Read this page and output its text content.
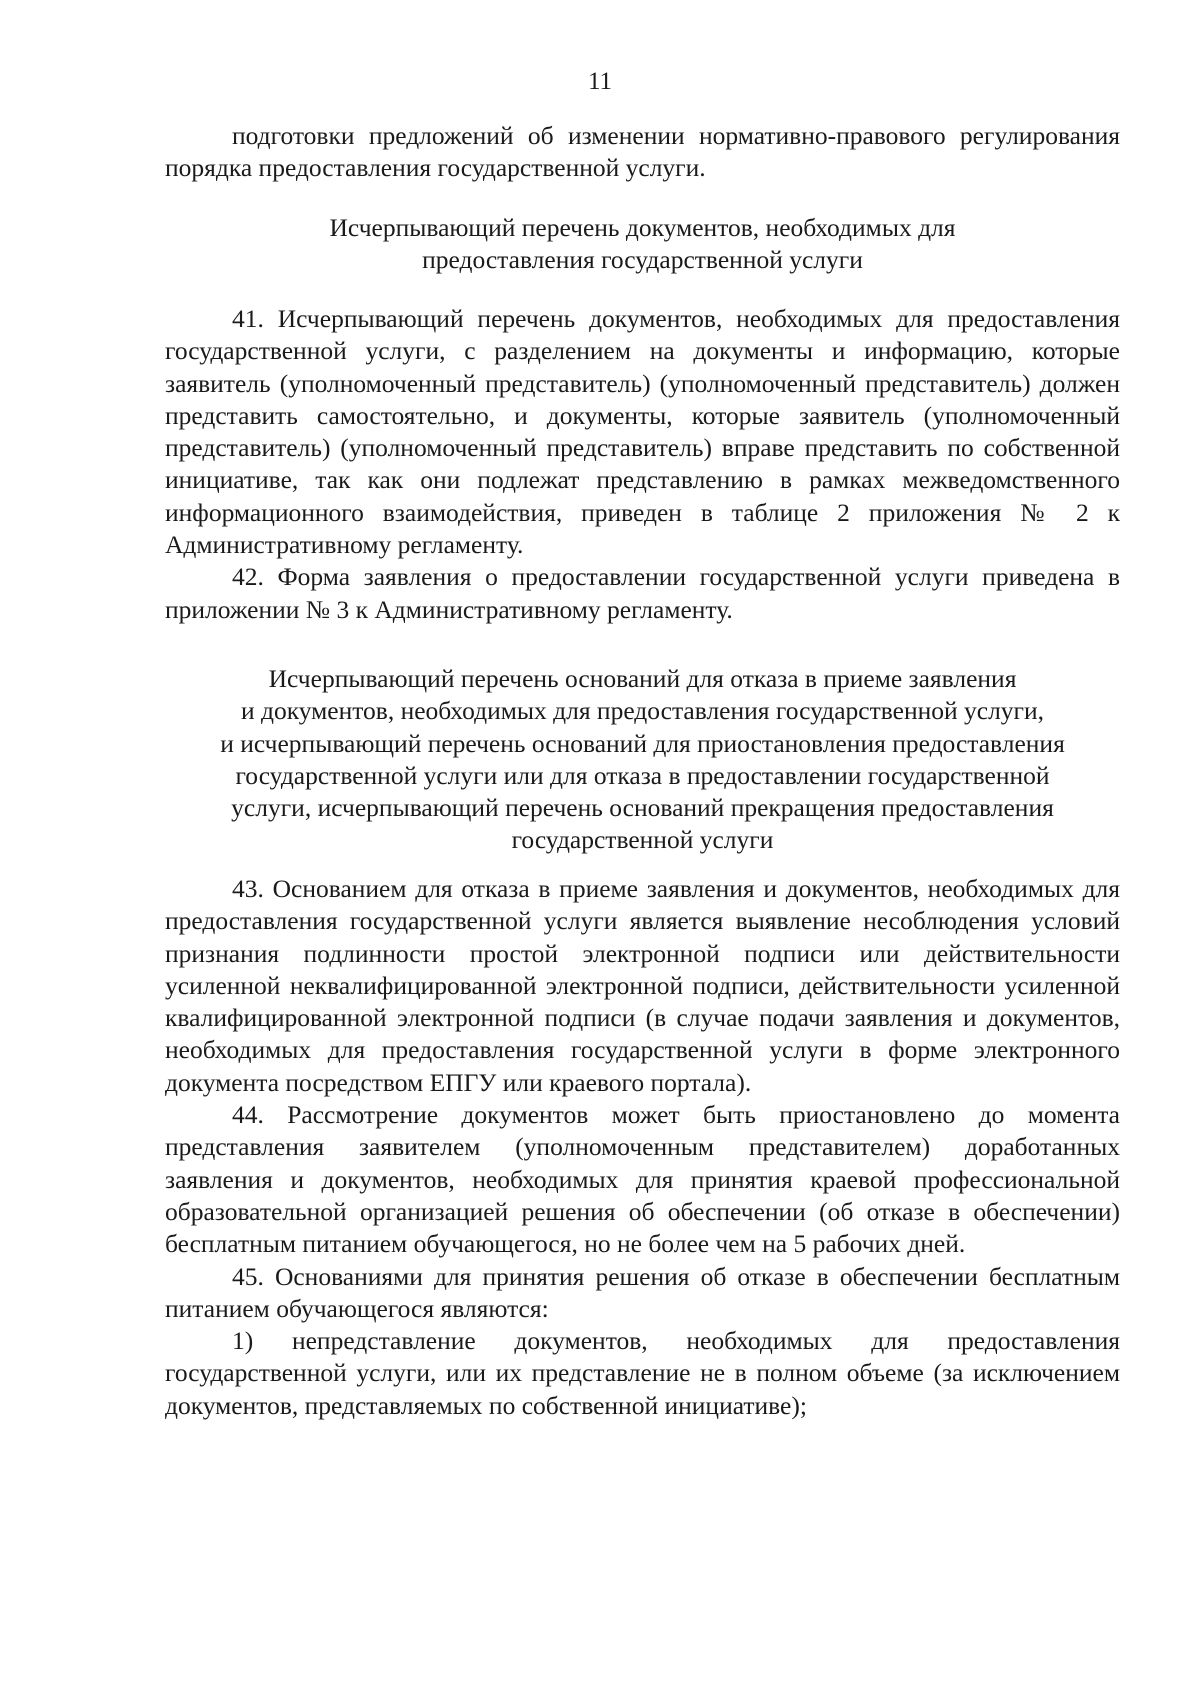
11

подготовки предложений об изменении нормативно-правового регулирования порядка предоставления государственной услуги.

Исчерпывающий перечень документов, необходимых для
предоставления государственной услуги

41. Исчерпывающий перечень документов, необходимых для предоставления государственной услуги, с разделением на документы и информацию, которые заявитель (уполномоченный представитель) (уполномоченный представитель) должен представить самостоятельно, и документы, которые заявитель (уполномоченный представитель) (уполномоченный представитель) вправе представить по собственной инициативе, так как они подлежат представлению в рамках межведомственного информационного взаимодействия, приведен в таблице 2 приложения № 2 к Административному регламенту.

42. Форма заявления о предоставлении государственной услуги приведена в приложении № 3 к Административному регламенту.

Исчерпывающий перечень оснований для отказа в приеме заявления
и документов, необходимых для предоставления государственной услуги,
и исчерпывающий перечень оснований для приостановления предоставления
государственной услуги или для отказа в предоставлении государственной
услуги, исчерпывающий перечень оснований прекращения предоставления
государственной услуги

43. Основанием для отказа в приеме заявления и документов, необходимых для предоставления государственной услуги является выявление несоблюдения условий признания подлинности простой электронной подписи или действительности усиленной неквалифицированной электронной подписи, действительности усиленной квалифицированной электронной подписи (в случае подачи заявления и документов, необходимых для предоставления государственной услуги в форме электронного документа посредством ЕПГУ или краевого портала).

44. Рассмотрение документов может быть приостановлено до момента представления заявителем (уполномоченным представителем) доработанных заявления и документов, необходимых для принятия краевой профессиональной образовательной организацией решения об обеспечении (об отказе в обеспечении) бесплатным питанием обучающегося, но не более чем на 5 рабочих дней.

45. Основаниями для принятия решения об отказе в обеспечении бесплатным питанием обучающегося являются:

1) непредставление документов, необходимых для предоставления государственной услуги, или их представление не в полном объеме (за исключением документов, представляемых по собственной инициативе);
